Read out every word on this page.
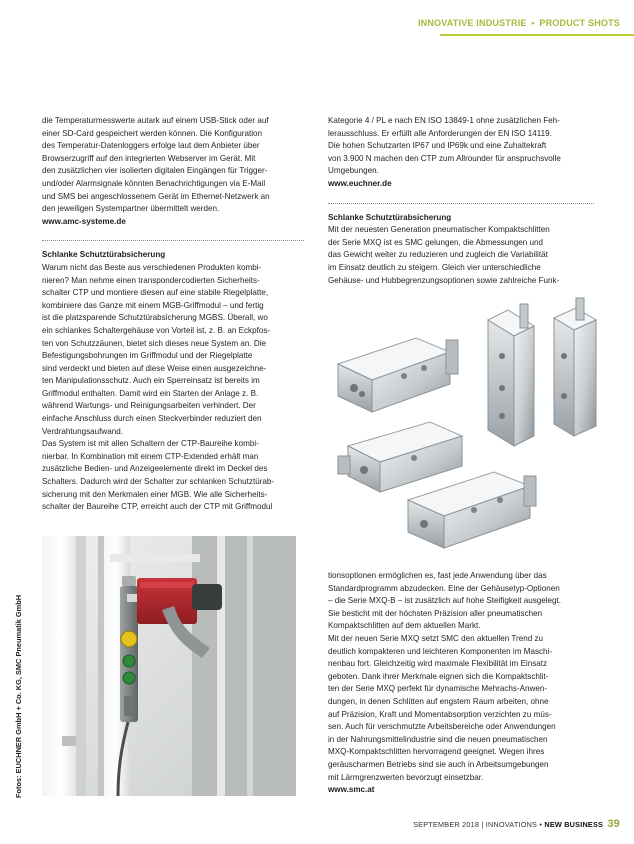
INNOVATIVE INDUSTRIE • PRODUCT SHOTS

die Temperaturmesswerte autark auf einem USB-Stick oder auf

einer SD-Card gespeichert werden können. Die Konfiguration

des Temperatur-Datenloggers erfolge laut dem Anbieter über

Browserzugriff auf den integrierten Webserver im Gerät. Mit

den zusätzlichen vier isolierten digitalen Eingängen für Trigger-

und/oder Alarmsignale könnten Benachrichtigungen via E-Mail

und SMS bei angeschlossenem Gerät im Ethernet-Netzwerk an

den jeweiligen Systempartner übermittelt werden.

www.amc-systeme.de

Schlanke Schutztürabsicherung

Warum nicht das Beste aus verschiedenen Produkten kombi-

nieren? Man nehme einen transpondercodierten Sicherheits-

schalter CTP und montiere diesen auf eine stabile Riegelplatte,

kombiniere das Ganze mit einem MGB-Griffmodul – und fertig

ist die platzsparende Schutztürabsicherung MGBS. Überall, wo

ein schlankes Schaltergehäuse von Vorteil ist, z. B. an Eckpfos-

ten von Schutzzäunen, bietet sich dieses neue System an. Die

Befestigungsbohrungen im Griffmodul und der Riegelplatte

sind verdeckt und bieten auf diese Weise einen ausgezeichne-

ten Manipulationsschutz. Auch ein Sperreinsatz ist bereits im

Griffmodul enthalten. Damit wird ein Starten der Anlage z. B.

während Wartungs- und Reinigungsarbeiten verhindert. Der

einfache Anschluss durch einen Steckverbinder reduziert den

Verdrahtungsaufwand.

Das System ist mit allen Schaltern der CTP-Baureihe kombi-

nierbar. In Kombination mit einem CTP-Extended erhält man

zusätzliche Bedien- und Anzeigeelemente direkt im Deckel des

Schalters. Dadurch wird der Schalter zur schlanken Schutztürab-

sicherung mit den Merkmalen einer MGB. Wie alle Sicherheits-

schalter der Baureihe CTP, erreicht auch der CTP mit Griffmodul

Kategorie 4 / PL e nach EN ISO 13849-1 ohne zusätzlichen Feh-

lerausschluss. Er erfüllt alle Anforderungen der EN ISO 14119.

Die hohen Schutzarten IP67 und IP69k und eine Zuhaltekraft

von 3.900 N machen den CTP zum Allrounder für anspruchsvolle

Umgebungen.

www.euchner.de

Schlanke Schutztürabsicherung

Mit der neuesten Generation pneumatischer Kompaktschlitten

der Serie MXQ ist es SMC gelungen, die Abmessungen und

das Gewicht weiter zu reduzieren und zugleich die Variabilität

im Einsatz deutlich zu steigern. Gleich vier unterschiedliche

Gehäuse- und Hubbegrenzungsoptionen sowie zahlreiche Funk-

tionsoptionen ermöglichen es, fast jede Anwendung über das

Standardprogramm abzudecken. Eine der Gehäusetyp-Optionen

– die Serie MXQ-B – ist zusätzlich auf hohe Steifigkeit ausgelegt.

Sie besticht mit der höchsten Präzision aller pneumatischen

Kompaktschlitten auf dem aktuellen Markt.

Mit der neuen Serie MXQ setzt SMC den aktuellen Trend zu

deutlich kompakteren und leichteren Komponenten im Maschi-

nenbau fort. Gleichzeitig wird maximale Flexibilität im Einsatz

geboten. Dank ihrer Merkmale eignen sich die Kompaktschlit-

ten der Serie MXQ perfekt für dynamische Mehrachs-Anwen-

dungen, in denen Schlitten auf engstem Raum arbeiten, ohne

auf Präzision, Kraft und Momentabsorption verzichten zu müs-

sen. Auch für verschmutzte Arbeitsbereiche oder Anwendungen

in der Nahrungsmittelindustrie sind die neuen pneumatischen

MXQ-Kompaktschlitten hervorragend geeignet. Wegen ihres

geräuscharmen Betriebs sind sie auch in Arbeitsumgebungen

mit Lärmgrenzwerten bevorzugt einsetzbar.

www.smc.at

Fotos: EUCHNER GmbH + Co. KG, SMC Pneumatik GmbH
SEPTEMBER 2018 | INNOVATIONS • NEW BUSINESS 39
